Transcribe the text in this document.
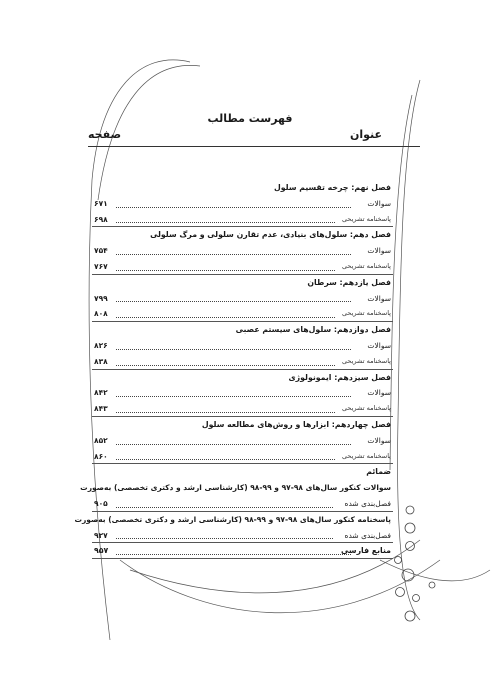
فهرست مطالب
عنوان
صفحه
فصل نهم: چرخه تقسیم سلول
سوالات
۶۷۱
پاسخنامه تشریحی
۶۹۸
فصل دهم: سلول‌های بنیادی، عدم تقارن سلولی و مرگ سلولی
سوالات
۷۵۴
پاسخنامه تشریحی
۷۶۷
فصل یازدهم: سرطان
سوالات
۷۹۹
پاسخنامه تشریحی
۸۰۸
فصل دوازدهم: سلول‌های سیستم عصبی
سوالات
۸۲۶
پاسخنامه تشریحی
۸۳۸
فصل سیزدهم: ایمونولوژی
سوالات
۸۴۲
پاسخنامه تشریحی
۸۴۳
فصل چهاردهم: ابزارها و روش‌های مطالعه سلول
سوالات
۸۵۲
پاسخنامه تشریحی
۸۶۰
ضمائم
سوالات کنکور سال‌های ۹۸-۹۷ و ۹۹-۹۸ (کارشناسی ارشد و دکتری تخصصی) به‌صورت
فصل‌بندی شده
۹۰۵
پاسخنامه کنکور سال‌های ۹۸-۹۷ و ۹۹-۹۸ (کارشناسی ارشد و دکتری تخصصی) به‌صورت
فصل‌بندی شده
۹۲۷
منابع فارسی
۹۵۷
